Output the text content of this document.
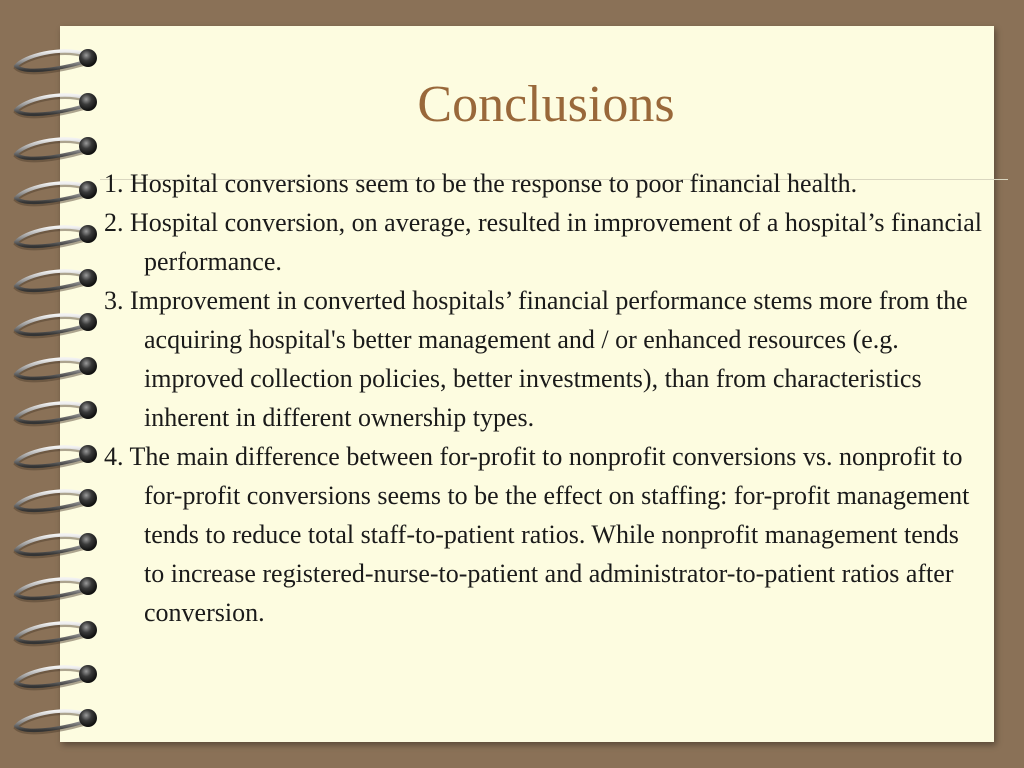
Conclusions
1. Hospital conversions seem to be the response to poor financial health.
2. Hospital conversion, on average, resulted in improvement of a hospital’s financial performance.
3. Improvement in converted hospitals’ financial performance stems more from the acquiring hospital's better management and / or enhanced resources (e.g. improved collection policies, better investments), than from characteristics inherent in different ownership types.
4. The main difference between for-profit to nonprofit conversions vs. nonprofit to for-profit conversions seems to be the effect on staffing: for-profit management tends to reduce total staff-to-patient ratios. While nonprofit management tends to increase registered-nurse-to-patient and administrator-to-patient ratios after conversion.
